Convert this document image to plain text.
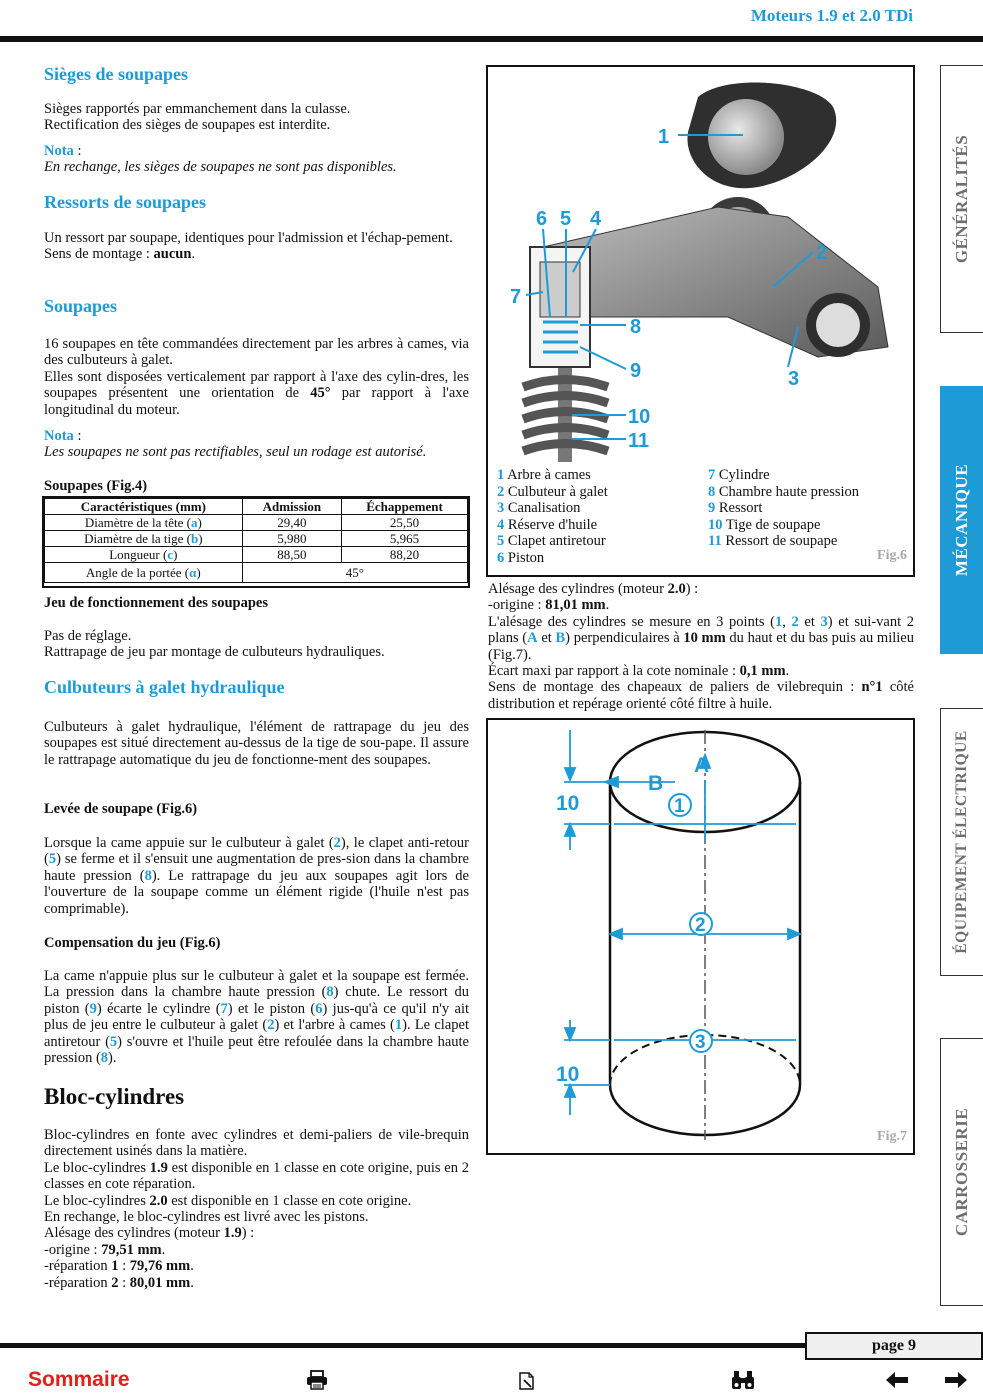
Moteurs 1.9 et 2.0 TDi
Sièges de soupapes
Sièges rapportés par emmanchement dans la culasse.
Rectification des sièges de soupapes est interdite.
Nota :
En rechange, les sièges de soupapes ne sont pas disponibles.
Ressorts de soupapes
Un ressort par soupape, identiques pour l'admission et l'échap-pement.
Sens de montage : aucun.
Soupapes
16 soupapes en tête commandées directement par les arbres à cames, via des culbuteurs à galet.
Elles sont disposées verticalement par rapport à l'axe des cylin-dres, les soupapes présentent une orientation de 45° par rapport à l'axe longitudinal du moteur.
Nota :
Les soupapes ne sont pas rectifiables, seul un rodage est autorisé.
Soupapes (Fig.4)
Caractéristiques (mm)	Admission	Échappement
Diamètre de la tête (a)	29,40	25,50
Diamètre de la tige (b)	5,980	5,965
Longueur (c)	88,50	88,20
Angle de la portée (α)	45°	
Jeu de fonctionnement des soupapes
Pas de réglage.
Rattrapage de jeu par montage de culbuteurs hydrauliques.
Culbuteurs à galet hydraulique
Culbuteurs à galet hydraulique, l'élément de rattrapage du jeu des soupapes est situé directement au-dessus de la tige de sou-pape. Il assure le rattrapage automatique du jeu de fonctionne-ment des soupapes.
Levée de soupape (Fig.6)
Lorsque la came appuie sur le culbuteur à galet (2), le clapet anti-retour (5) se ferme et il s'ensuit une augmentation de pres-sion dans la chambre haute pression (8). Le rattrapage du jeu aux soupapes agit lors de l'ouverture de la soupape comme un élément rigide (l'huile n'est pas comprimable).
Compensation du jeu (Fig.6)
La came n'appuie plus sur le culbuteur à galet et la soupape est fermée. La pression dans la chambre haute pression (8) chute. Le ressort du piston (9) écarte le cylindre (7) et le piston (6) jus-qu'à ce qu'il n'y ait plus de jeu entre le culbuteur à galet (2) et l'arbre à cames (1). Le clapet antiretour (5) s'ouvre et l'huile peut être refoulée dans la chambre haute pression (8).
Bloc-cylindres
Bloc-cylindres en fonte avec cylindres et demi-paliers de vile-brequin directement usinés dans la matière.
Le bloc-cylindres 1.9 est disponible en 1 classe en cote origine, puis en 2 classes en cote réparation.
Le bloc-cylindres 2.0 est disponible en 1 classe en cote origine.
En rechange, le bloc-cylindres est livré avec les pistons.
Alésage des cylindres (moteur 1.9) :
-origine : 79,51 mm.
-réparation 1 : 79,76 mm.
-réparation 2 : 80,01 mm.
1
2
3
4
5
6
7
8
9
10
11
1 Arbre à cames
2 Culbuteur à galet
3 Canalisation
4 Réserve d'huile
5 Clapet antiretour
6 Piston
7 Cylindre
8 Chambre haute pression
9 Ressort
10 Tige de soupape
11 Ressort de soupape
Fig.6
Alésage des cylindres (moteur 2.0) :
-origine : 81,01 mm.
L'alésage des cylindres se mesure en 3 points (1, 2 et 3) et sui-vant 2 plans (A et B) perpendiculaires à 10 mm du haut et du bas puis au milieu (Fig.7).
Écart maxi par rapport à la cote nominale : 0,1 mm.
Sens de montage des chapeaux de paliers de vilebrequin : n°1 côté distribution et repérage orienté côté filtre à huile.
A
B
10
10
1
2
3
Fig.7
GÉNÉRALITÉS
MÉCANIQUE
ÉQUIPEMENT ÉLECTRIQUE
CARROSSERIE
page 9
Sommaire
